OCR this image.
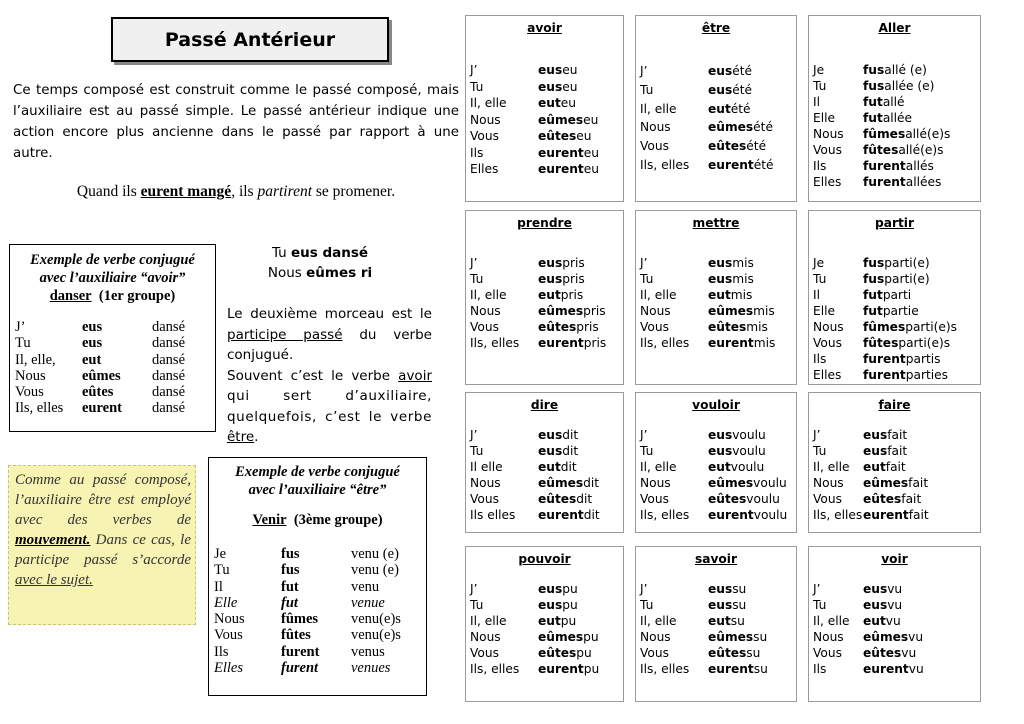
Passé Antérieur
Ce temps composé est construit comme le passé composé, mais l’auxiliaire est au passé simple. Le passé antérieur indique une action encore plus ancienne dans le passé par rapport à une autre.
Quand ils eurent mangé, ils partirent se promener.
Exemple de verbe conjugué avec l’auxiliaire “avoir”
danser (1er groupe)
J’	eus	dansé
Tu	eus	dansé
Il, elle,	eut	dansé
Nous	eûmes	dansé
Vous	eûtes	dansé
Ils, elles	eurent	dansé
Tu eus dansé
Nous eûmes ri
Le deuxième morceau est le participe passé du verbe conjugué.
Souvent c’est le verbe avoir qui sert d’auxiliaire, quelquefois, c’est le verbe être.
Comme au passé composé, l’auxiliaire être est employé avec des verbes de mouvement. Dans ce cas, le participe passé s’accorde avec le sujet.
Exemple de verbe conjugué avec l’auxiliaire “être”
Venir (3ème groupe)
Je	fus	venu (e)
Tu	fus	venu (e)
Il	fut	venu
Elle	fut	venue
Nous	fûmes	venu(e)s
Vous	fûtes	venu(e)s
Ils	furent	venus
Elles	furent	venues
avoir
J’	eus eu
Tu	eus eu
Il, elle	eut eu
Nous	eûmes eu
Vous	eûtes eu
Ils	eurent eu
Elles	eurent eu
être
J’	eus été
Tu	eus été
Il, elle	eut été
Nous	eûmes été
Vous	eûtes été
Ils, elles	eurent été
Aller
Je	fus allé (e)
Tu	fus allée (e)
Il	fut allé
Elle	fut allée
Nous	fûmes allé(e)s
Vous	fûtes allé(e)s
Ils	furent allés
Elles	furent allées
prendre
J’	eus pris
Tu	eus pris
Il, elle	eut pris
Nous	eûmes pris
Vous	eûtes pris
Ils, elles	eurent pris
mettre
J’	eus mis
Tu	eus mis
Il, elle	eut mis
Nous	eûmes mis
Vous	eûtes mis
Ils, elles	eurent mis
partir
Je	fus parti(e)
Tu	fus parti(e)
Il	fut parti
Elle	fut partie
Nous	fûmes parti(e)s
Vous	fûtes parti(e)s
Ils	furent partis
Elles	furent parties
dire
J’	eus dit
Tu	eus dit
Il elle	eut dit
Nous	eûmes dit
Vous	eûtes dit
Ils elles	eurent dit
vouloir
J’	eus voulu
Tu	eus voulu
Il, elle	eut voulu
Nous	eûmes voulu
Vous	eûtes voulu
Ils, elles	eurent voulu
faire
J’	eus fait
Tu	eus fait
Il, elle	eut fait
Nous	eûmes fait
Vous	eûtes fait
Ils, elles eurent fait
pouvoir
J’	eus pu
Tu	eus pu
Il, elle	eut pu
Nous	eûmes pu
Vous	eûtes pu
Ils, elles	eurent pu
savoir
J’	eus su
Tu	eus su
Il, elle	eut su
Nous	eûmes su
Vous	eûtes su
Ils, elles	eurent su
voir
J’	eus vu
Tu	eus vu
Il, elle	eut vu
Nous	eûmes vu
Vous	eûtes vu
Ils	eurent vu
